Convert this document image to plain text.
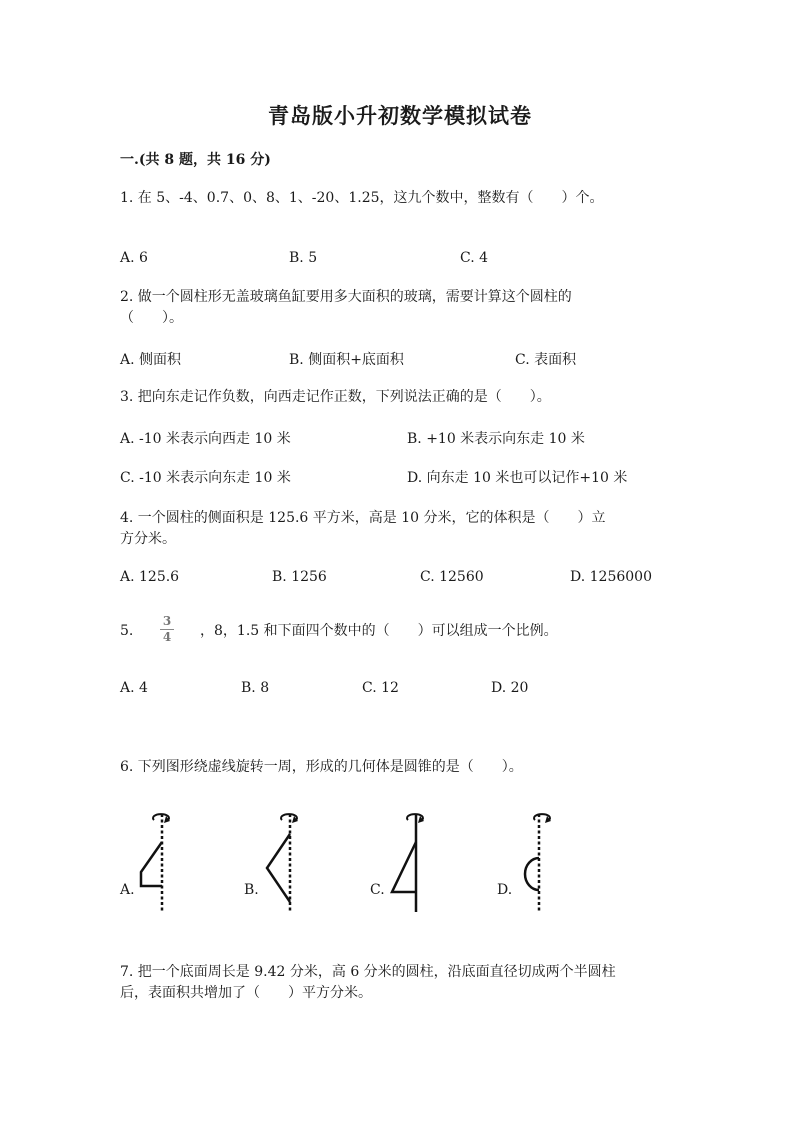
青岛版小升初数学模拟试卷
一.(共 8 题，共 16 分)
1. 在 5、-4、0.7、0、8、1、-20、1.25，这九个数中，整数有（　　）个。
A. 6	B. 5	C. 4
2. 做一个圆柱形无盖玻璃鱼缸要用多大面积的玻璃，需要计算这个圆柱的
（　　）。
A. 侧面积	B. 侧面积+底面积	C. 表面积
3. 把向东走记作负数，向西走记作正数，下列说法正确的是（　　）。
A. -10 米表示向西走 10 米	B. +10 米表示向东走 10 米
C. -10 米表示向东走 10 米	D. 向东走 10 米也可以记作+10 米
4. 一个圆柱的侧面积是 125.6 平方米，高是 10 分米，它的体积是（　　）立
方分米。
A. 125.6	B. 1256	C. 12560	D. 1256000
5.
3
4 ，8，1.5 和下面四个数中的（　　）可以组成一个比例。
A. 4	B. 8	C. 12	D. 20
6. 下列图形绕虚线旋转一周，形成的几何体是圆锥的是（　　）。
A.	B.	C.	D.
7. 把一个底面周长是 9.42 分米，高 6 分米的圆柱，沿底面直径切成两个半圆柱
后，表面积共增加了（　　）平方分米。
